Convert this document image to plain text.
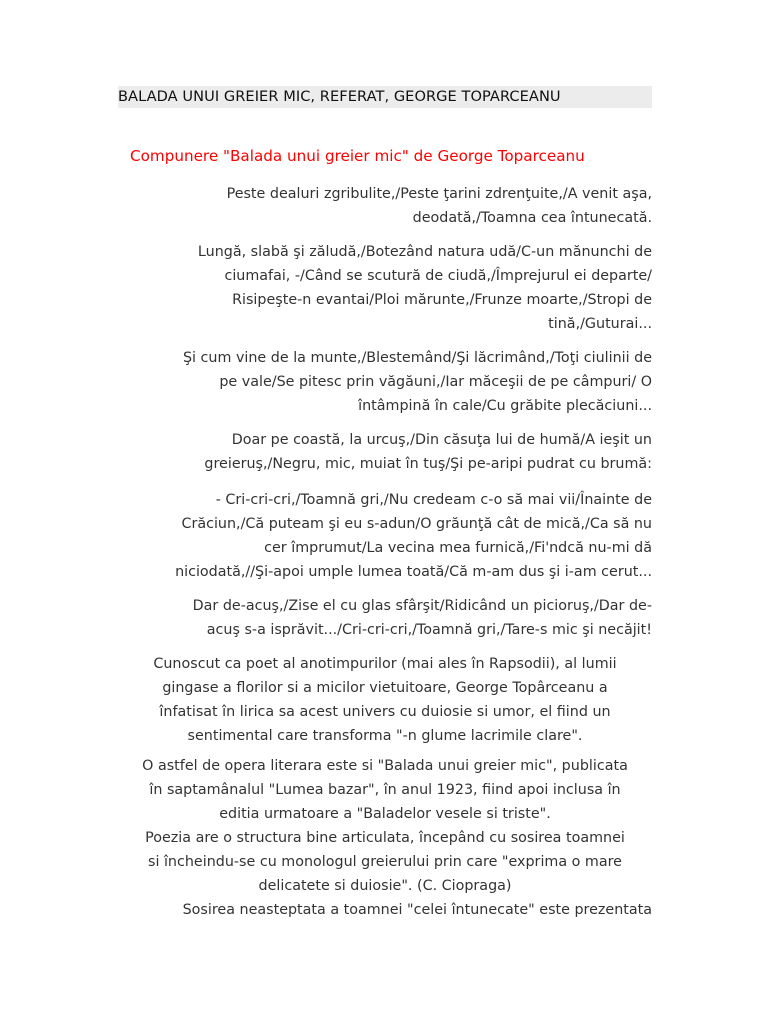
BALADA UNUI GREIER MIC, REFERAT, GEORGE TOPARCEANU
Compunere "Balada unui greier mic" de George Toparceanu
Peste dealuri zgribulite,/Peste ţarini zdrenţuite,/A venit aşa,
deodată,/Toamna cea întunecată.
Lungă, slabă şi zăludă,/Botezând natura udă/C-un mănunchi de
ciumafai, -/Când se scutură de ciudă,/Împrejurul ei departe/
Risipeşte-n evantai/Ploi mărunte,/Frunze moarte,/Stropi de
tină,/Guturai...
Şi cum vine de la munte,/Blestemând/Şi lăcrimând,/Toţi ciulinii de
pe vale/Se pitesc prin văgăuni,/Iar măceşii de pe câmpuri/ O
întâmpină în cale/Cu grăbite plecăciuni...
Doar pe coastă, la urcuş,/Din căsuţa lui de humă/A ieşit un
greieruş,/Negru, mic, muiat în tuş/Şi pe-aripi pudrat cu brumă:
- Cri-cri-cri,/Toamnă gri,/Nu credeam c-o să mai vii/Înainte de
Crăciun,/Că puteam şi eu s-adun/O grăunţă cât de mică,/Ca să nu
cer împrumut/La vecina mea furnică,/Fi'ndcă nu-mi dă
niciodată,//Şi-apoi umple lumea toată/Că m-am dus şi i-am cerut...
Dar de-acuş,/Zise el cu glas sfârşit/Ridicând un picioruş,/Dar de-
acuş s-a isprăvit.../Cri-cri-cri,/Toamnă gri,/Tare-s mic şi necăjit!
Cunoscut ca poet al anotimpurilor (mai ales în Rapsodii), al lumii
gingase a florilor si a micilor vietuitoare, George Topârceanu a
înfatisat în lirica sa acest univers cu duiosie si umor, el fiind un
sentimental care transforma "-n glume lacrimile clare".
O astfel de opera literara este si "Balada unui greier mic", publicata
în saptamânalul "Lumea bazar", în anul 1923, fiind apoi inclusa în
editia urmatoare a "Baladelor vesele si triste".
Poezia are o structura bine articulata, începând cu sosirea toamnei
si încheindu-se cu monologul greierului prin care "exprima o mare
delicatete si duiosie". (C. Ciopraga)
Sosirea neasteptata a toamnei "celei întunecate" este prezentata
